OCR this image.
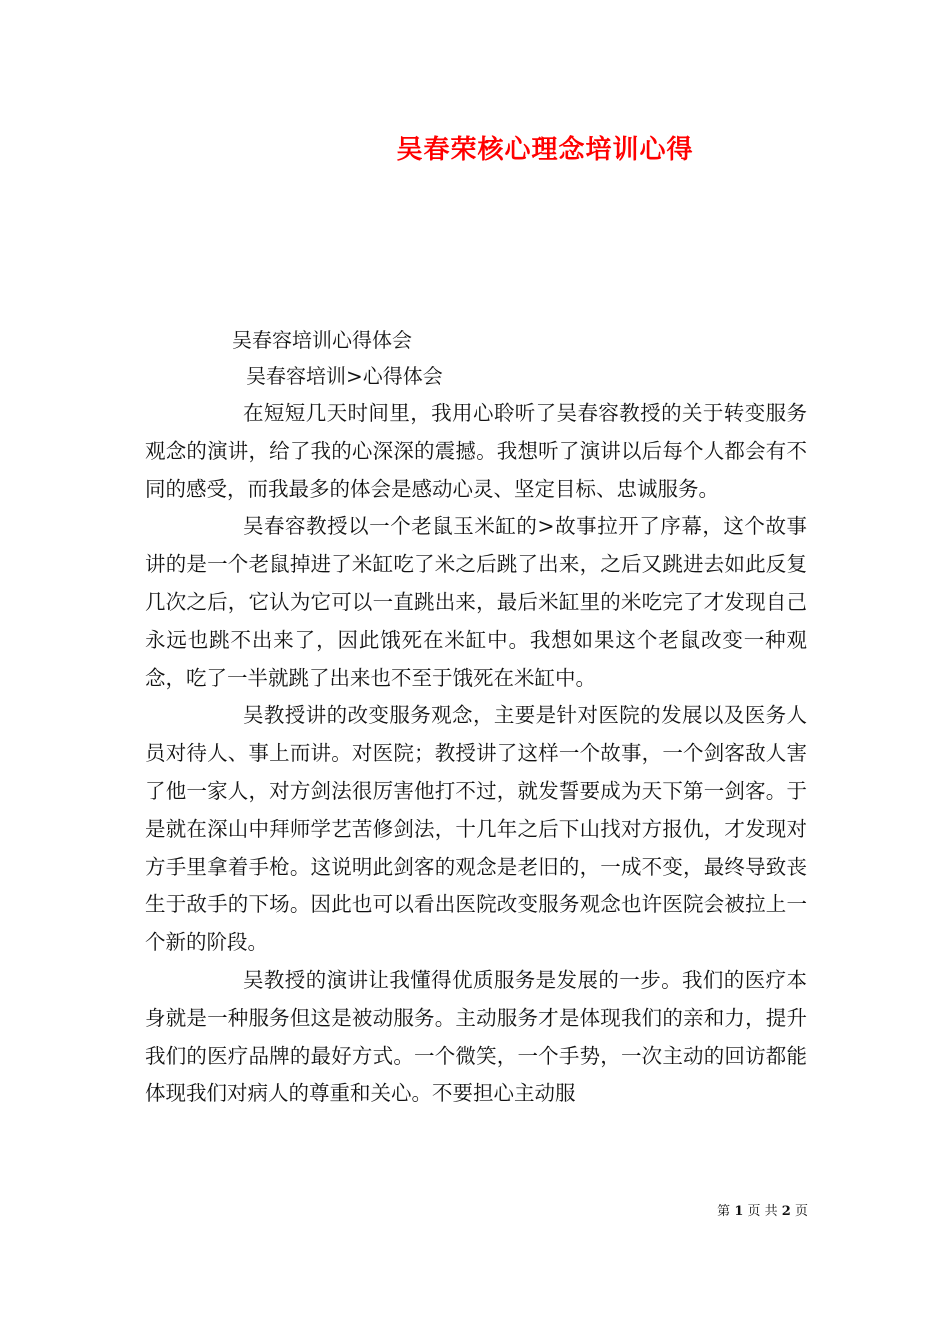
吴春荣核心理念培训心得
吴春容培训心得体会
吴春容培训>心得体会

在短短几天时间里，我用心聆听了吴春容教授的关于转变服务观念的演讲，给了我的心深深的震撼。我想听了演讲以后每个人都会有不同的感受，而我最多的体会是感动心灵、坚定目标、忠诚服务。

吴春容教授以一个老鼠玉米缸的>故事拉开了序幕，这个故事讲的是一个老鼠掉进了米缸吃了米之后跳了出来，之后又跳进去如此反复几次之后，它认为它可以一直跳出来，最后米缸里的米吃完了才发现自己永远也跳不出来了，因此饿死在米缸中。我想如果这个老鼠改变一种观念，吃了一半就跳了出来也不至于饿死在米缸中。

吴教授讲的改变服务观念，主要是针对医院的发展以及医务人员对待人、事上而讲。对医院；教授讲了这样一个故事，一个剑客敌人害了他一家人，对方剑法很厉害他打不过，就发誓要成为天下第一剑客。于是就在深山中拜师学艺苦修剑法，十几年之后下山找对方报仇，才发现对方手里拿着手枪。这说明此剑客的观念是老旧的，一成不变，最终导致丧生于敌手的下场。因此也可以看出医院改变服务观念也许医院会被拉上一个新的阶段。

吴教授的演讲让我懂得优质服务是发展的一步。我们的医疗本身就是一种服务但这是被动服务。主动服务才是体现我们的亲和力，提升我们的医疗品牌的最好方式。一个微笑，一个手势，一次主动的回访都能体现我们对病人的尊重和关心。不要担心主动服

第 1 页 共 2 页
